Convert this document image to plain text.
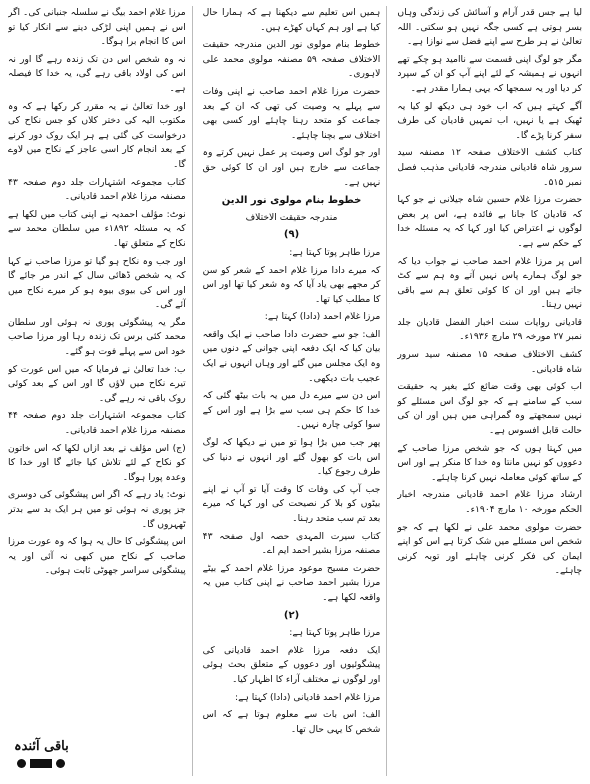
لیا ہے جس قدر آرام و آسائش کی زندگی وہاں بسر ہوتی ہے کسی جگہ نہیں ہو سکتی۔ اللہ تعالیٰ نے ہر طرح سے اپنے فضل سے نوازا ہے۔

مگر جو لوگ اپنی قسمت سے ناامید ہو چکے تھے انہوں نے ہمیشہ کے لئے اپنے آپ کو ان کے سپرد کر دیا اور یہ سمجھا کہ یہی ہمارا مقدر ہے۔

آگے کہتے ہیں کہ اب خود ہی دیکھ لو کیا یہ ٹھیک ہے یا نہیں، اب تمہیں قادیان کی طرف سفر کرنا پڑے گا۔

کتاب کشف الاختلاف صفحہ ۱۲ مصنفہ سید سرور شاہ قادیانی مندرجہ قادیانی مذہب فصل نمبر ۵۱۵۔

حضرت مرزا غلام حسین شاہ جیلانی نے جو کہا کہ قادیان کا جانا بے فائدہ ہے، اس پر بعض لوگوں نے اعتراض کیا اور کہا کہ یہ مسئلہ خدا کے حکم سے ہے۔

اس پر مرزا غلام احمد صاحب نے جواب دیا کہ جو لوگ ہمارے پاس نہیں آتے وہ ہم سے کٹ جاتے ہیں اور ان کا کوئی تعلق ہم سے باقی نہیں رہتا۔

قادیانی روایات سنت اخبار الفضل قادیان جلد نمبر ۲۷ مورخہ ۲۹ مارچ ۱۹۳۶ء۔

کشف الاختلاف صفحہ ۱۵ مصنفہ سید سرور شاہ قادیانی۔

اب کوئی بھی وقت ضائع کئے بغیر یہ حقیقت سب کے سامنے ہے کہ جو لوگ اس مسئلے کو نہیں سمجھتے وہ گمراہی میں ہیں اور ان کی حالت قابل افسوس ہے۔

میں کہتا ہوں کہ جو شخص مرزا صاحب کے دعووں کو نہیں مانتا وہ خدا کا منکر ہے اور اس کے ساتھ کوئی معاملہ نہیں کرنا چاہئے۔

ارشاد مرزا غلام احمد قادیانی مندرجہ اخبار الحکم مورخہ ۱۰ مارچ ۱۹۰۴ء۔

حضرت مولوی محمد علی نے لکھا ہے کہ جو شخص اس مسئلے میں شک کرتا ہے اس کو اپنے ایمان کی فکر کرنی چاہئے اور توبہ کرنی چاہئے۔

ہمیں اس تعلیم سے دیکھنا ہے کہ ہمارا حال کیا ہے اور ہم کہاں کھڑے ہیں۔

خطوط بنام مولوی نور الدین مندرجہ حقیقت الاختلاف صفحہ ۵۹ مصنفہ مولوی محمد علی لاہوری۔

حضرت مرزا غلام احمد صاحب نے اپنی وفات سے پہلے یہ وصیت کی تھی کہ ان کے بعد جماعت کو متحد رہنا چاہئے اور کسی بھی اختلاف سے بچنا چاہئے۔

اور جو لوگ اس وصیت پر عمل نہیں کرتے وہ جماعت سے خارج ہیں اور ان کا کوئی حق نہیں ہے۔

خطوط بنام مولوی نور الدین
مندرجہ حقیقت الاختلاف
(۹)

مرزا طاہر پوتا کہتا ہے:

کہ میرے دادا مرزا غلام احمد کے شعر کو سن کر مجھے بھی یاد آیا کہ وہ شعر کیا تھا اور اس کا مطلب کیا تھا۔

مرزا غلام احمد (دادا) کہتا ہے:

الف: جو سے حضرت دادا صاحب نے ایک واقعہ بیان کیا کہ ایک دفعہ اپنی جوانی کے دنوں میں وہ ایک مجلس میں گئے اور وہاں انہوں نے ایک عجیب بات دیکھی۔

اس دن سے میرے دل میں یہ بات بیٹھ گئی کہ خدا کا حکم ہی سب سے بڑا ہے اور اس کے سوا کوئی چارہ نہیں۔

پھر جب میں بڑا ہوا تو میں نے دیکھا کہ لوگ اس بات کو بھول گئے اور انہوں نے دنیا کی طرف رجوع کیا۔

جب آپ کی وفات کا وقت آیا تو آپ نے اپنے بیٹوں کو بلا کر نصیحت کی اور کہا کہ میرے بعد تم سب متحد رہنا۔

کتاب سیرت المہدی حصہ اول صفحہ ۴۳ مصنفہ مرزا بشیر احمد ایم اے۔

حضرت مسیح موعود مرزا غلام احمد کے بیٹے مرزا بشیر احمد صاحب نے اپنی کتاب میں یہ واقعہ لکھا ہے۔

(۲)

مرزا طاہر پوتا کہتا ہے:

ایک دفعہ مرزا غلام احمد قادیانی کی پیشگوئیوں اور دعووں کے متعلق بحث ہوئی اور لوگوں نے مختلف آراء کا اظہار کیا۔

مرزا غلام احمد قادیانی (دادا) کہتا ہے:

الف: اس بات سے معلوم ہوتا ہے کہ اس شخص کا یہی حال تھا۔

مرزا غلام احمد بیگ نے سلسلہ جنبانی کی۔ اگر اس نے ہمیں اپنی لڑکی دینے سے انکار کیا تو اس کا انجام برا ہوگا۔

نہ وہ شخص اس دن تک زندہ رہے گا اور نہ اس کی اولاد باقی رہے گی، یہ خدا کا فیصلہ ہے۔

اور خدا تعالیٰ نے یہ مقرر کر رکھا ہے کہ وہ مکتوب الیہ کی دختر کلاں کو جس نکاح کی درخواست کی گئی ہے ہر ایک روک دور کرنے کے بعد انجام کار اسی عاجز کے نکاح میں لاوے گا۔

کتاب مجموعہ اشتہارات جلد دوم صفحہ ۴۳ مصنفہ مرزا غلام احمد قادیانی۔

نوٹ: مؤلف احمدیہ نے اپنی کتاب میں لکھا ہے کہ یہ مسئلہ ۱۸۹۲ء میں سلطان محمد سے نکاح کے متعلق تھا۔

اور جب وہ نکاح ہو گیا تو مرزا صاحب نے کہا کہ یہ شخص ڈھائی سال کے اندر مر جائے گا اور اس کی بیوی بیوہ ہو کر میرے نکاح میں آئے گی۔

مگر یہ پیشگوئی پوری نہ ہوئی اور سلطان محمد کئی برس تک زندہ رہا اور مرزا صاحب خود اس سے پہلے فوت ہو گئے۔

ب: خدا تعالیٰ نے فرمایا کہ میں اس عورت کو تیرے نکاح میں لاؤں گا اور اس کے بعد کوئی روک باقی نہ رہے گی۔

کتاب مجموعہ اشتہارات جلد دوم صفحہ ۴۴ مصنفہ مرزا غلام احمد قادیانی۔

(ج) اس مؤلف نے بعد ازاں لکھا کہ اس خاتون کو نکاح کے لئے تلاش کیا جائے گا اور خدا کا وعدہ پورا ہوگا۔

نوٹ: یاد رہے کہ اگر اس پیشگوئی کی دوسری جز پوری نہ ہوئی تو میں ہر ایک بد سے بدتر ٹھہروں گا۔

اس پیشگوئی کا حال یہ ہوا کہ وہ عورت مرزا صاحب کے نکاح میں کبھی نہ آئی اور یہ پیشگوئی سراسر جھوٹی ثابت ہوئی۔

باقی آئندہ
